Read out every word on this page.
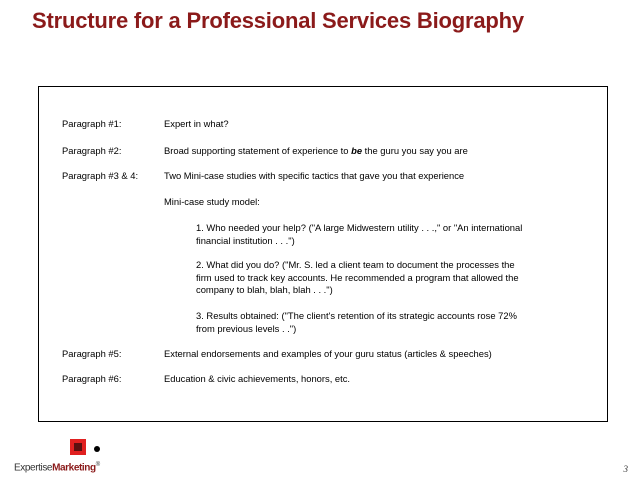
Structure for a Professional Services Biography
Paragraph #1:	Expert in what?
Paragraph #2:	Broad supporting statement of experience to be the guru you say you are
Paragraph #3 & 4:	Two Mini-case studies with specific tactics that gave you that experience
Mini-case study model:
1. Who needed your help? ("A large Midwestern utility . . .," or "An international
financial institution . . .")
2. What did you do? ("Mr. S. led a client team to document the processes the
firm used to track key accounts. He recommended a program that allowed the
company to blah, blah, blah . . .")
3. Results obtained: ("The client's retention of its strategic accounts rose 72%
from previous levels . .")
Paragraph #5:	External endorsements and examples of your guru status (articles & speeches)
Paragraph #6:	Education & civic achievements, honors, etc.
ExpertiseMarketing®	3
